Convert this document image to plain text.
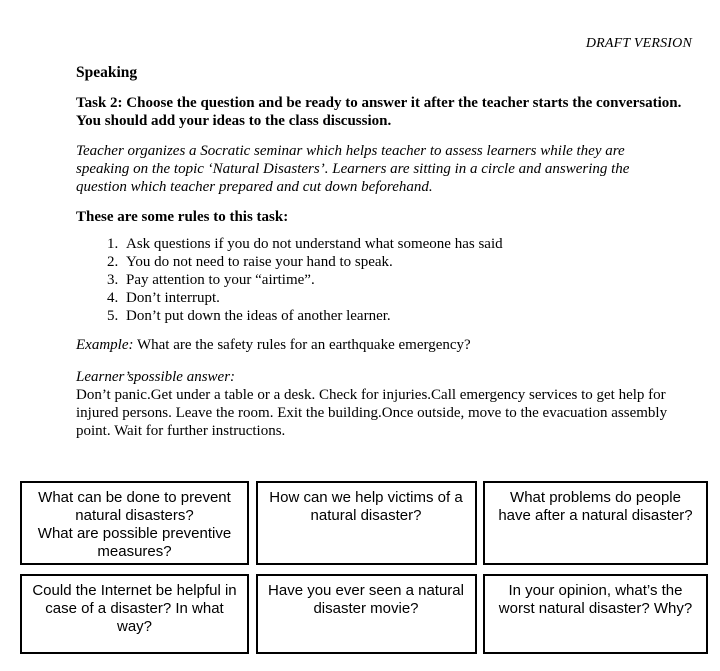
DRAFT VERSION
Speaking
Task 2: Choose the question and be ready to answer it after the teacher starts the conversation. You should add your ideas to the class discussion.
Teacher organizes a Socratic seminar which helps teacher to assess learners while they are speaking on the topic ‘Natural Disasters’. Learners are sitting in a circle and answering the question which teacher prepared and cut down beforehand.
These are some rules to this task:
1. Ask questions if you do not understand what someone has said
2. You do not need to raise your hand to speak.
3. Pay attention to your “airtime”.
4. Don’t interrupt.
5. Don’t put down the ideas of another learner.
Example: What are the safety rules for an earthquake emergency?
Learner’spossible answer:
Don’t panic.Get under a table or a desk. Check for injuries.Call emergency services to get help for injured persons. Leave the room. Exit the building.Once outside, move to the evacuation assembly point. Wait for further instructions.
What can be done to prevent natural disasters?
What are possible preventive measures?
How can we help victims of a natural disaster?
What problems do people have after a natural disaster?
Could the Internet be helpful in case of a disaster? In what way?
Have you ever seen a natural disaster movie?
In your opinion, what’s the worst natural disaster? Why?
